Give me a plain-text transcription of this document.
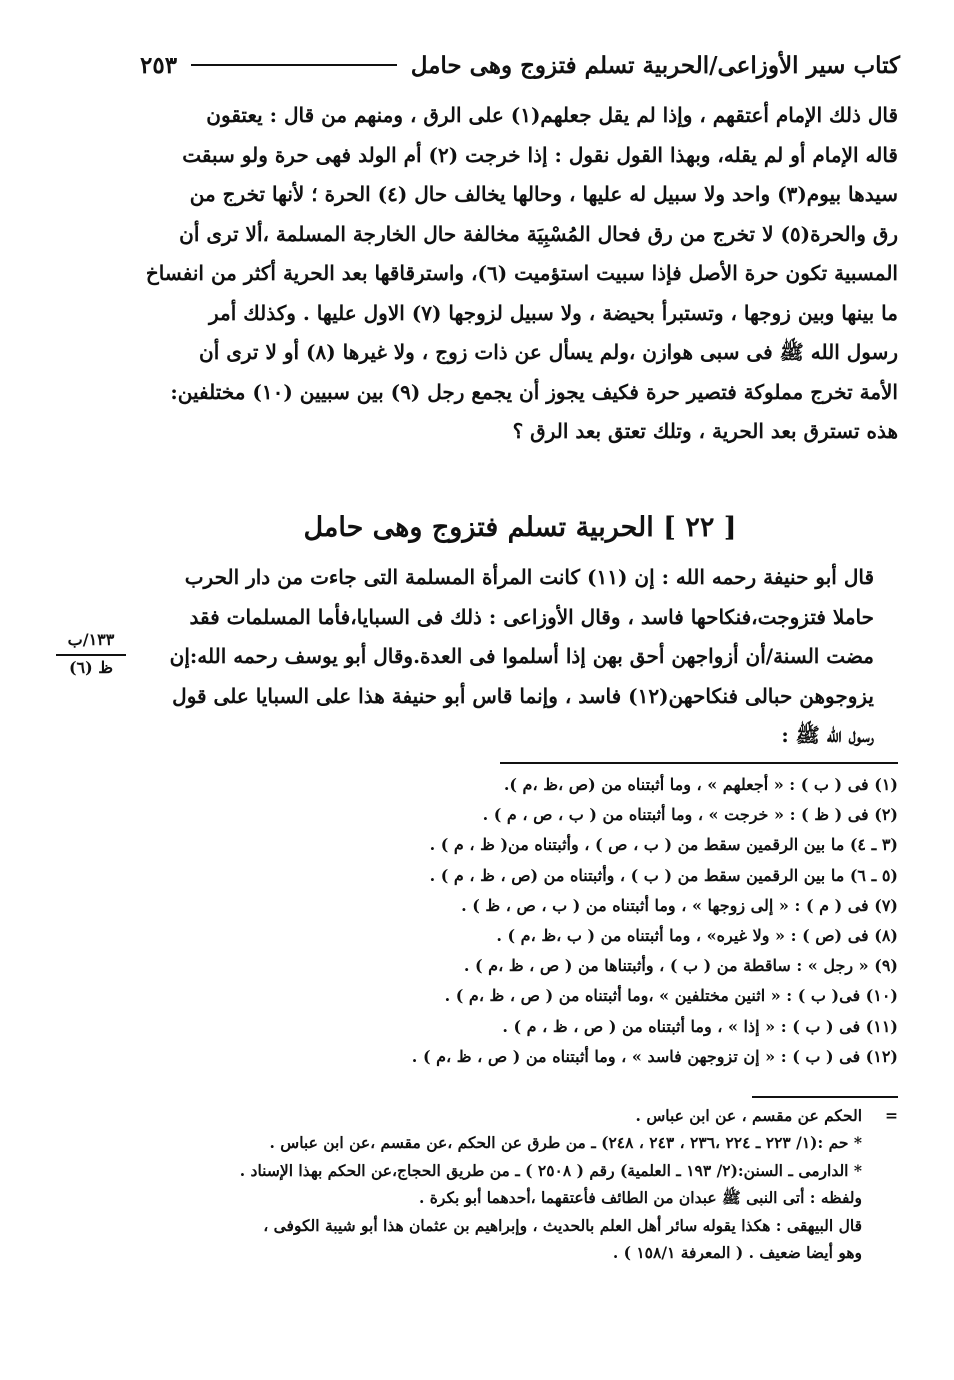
كتاب سير الأوزاعى/الحربية تسلم فتزوج وهى حامل
٢٥٣

قال ذلك الإمام أعتقهم ، وإذا لم يقل جعلهم(١) على الرق ، ومنهم من قال : يعتقون

قاله الإمام أو لم يقله، وبهذا القول نقول : إذا خرجت (٢) أم الولد فهى حرة ولو سبقت

سيدها بيوم(٣) واحد ولا سبيل له عليها ، وحالها يخالف حال (٤) الحرة ؛ لأنها تخرج من

رق والحرة(٥) لا تخرج من رق فحال المُسْبِيَة مخالفة حال الخارجة المسلمة ،ألا ترى أن

المسبية تكون حرة الأصل فإذا سبيت استؤميت (٦)، واسترقاقها بعد الحرية أكثر من انفساخ

ما بينها وبين زوجها ، وتستبرأ بحيضة ، ولا سبيل لزوجها (٧) الاول عليها . وكذلك أمر

رسول الله ﷺ فى سبى هوازن ،ولم يسأل عن ذات زوج ، ولا غيرها (٨) أو لا ترى أن

الأمة تخرج مملوكة فتصير حرة فكيف يجوز أن يجمع رجل (٩) بين سبيين (١٠) مختلفين:

هذه تسترق بعد الحرية ، وتلك تعتق بعد الرق ؟

[ ٢٢ ] الحربية تسلم فتزوج وهى حامل

قال أبو حنيفة رحمه الله : إن (١١) كانت المرأة المسلمة التى جاءت من دار الحرب

حاملا فتزوجت،فنكاحها فاسد ، وقال الأوزاعى : ذلك فى السبايا،فأما المسلمات فقد

مضت السنة/أن أزواجهن أحق بهن إذا أسلموا فى العدة.وقال أبو يوسف رحمه الله:إن

يزوجوهن حبالى فنكاحهن(١٢) فاسد ، وإنما قاس أبو حنيفة هذا على السبايا على قول

رسول الله ﷺ :

١٣٣/ب
ظ (٦)
(١) فى ( ب ) : « أجعلهم » ، وما أثبتناه من (ص ،ظ ،م ).
(٢) فى ( ظ ) : « خرجت » ، وما أثبتناه من ( ب ، ص ، م ) .
(٣ ـ ٤) ما بين الرقمين سقط من ( ب ، ص ) ، وأثبتناه من( ظ ، م ) .
(٥ ـ ٦) ما بين الرقمين سقط من ( ب ) ، وأثبتناه من (ص ، ظ ، م ) .
(٧) فى ( م ) : « إلى زوجها » ، وما أثبتناه من ( ب ، ص ، ظ ) .
(٨) فى (ص ) : « ولا غيره» ، وما أثبتناه من ( ب ،ظ ،م ) .
(٩) « رجل » : ساقطة من ( ب ) ، وأثبتناها من ( ص ، ظ ،م ) .
(١٠) فى( ب ) : « اثنين مختلفين » ،وما أثبتناه من ( ص ، ظ ،م ) .
(١١) فى ( ب ) : « إذا » ، وما أثبتناه من ( ص ، ظ ، م ) .
(١٢) فى ( ب ) : « إن تزوجهن فاسد » ، وما أثبتناه من ( ص ، ظ ،م ) .
=الحكم عن مقسم ، عن ابن عباس .
* حم :(١/ ٢٢٣ ـ ٢٢٤ ،٢٣٦ ، ٢٤٣ ، ٢٤٨) ـ من طرق عن الحكم ،عن مقسم ،عن ابن عباس .
* الدارمى ـ السنن:(٢/ ١٩٣ ـ العلمية) رقم ( ٢٥٠٨ ) ـ من طريق الحجاج،عن الحكم بهذا الإسناد .
ولفظه : أتى النبى ﷺ عبدان من الطائف فأعتقهما ،أحدهما أبو بكرة .
قال البيهقى : هكذا يقوله سائر أهل العلم بالحديث ، وإبراهيم بن عثمان هذا أبو شيبة الكوفى ،
وهو أيضا ضعيف . ( المعرفة ١٥٨/١ ) .
